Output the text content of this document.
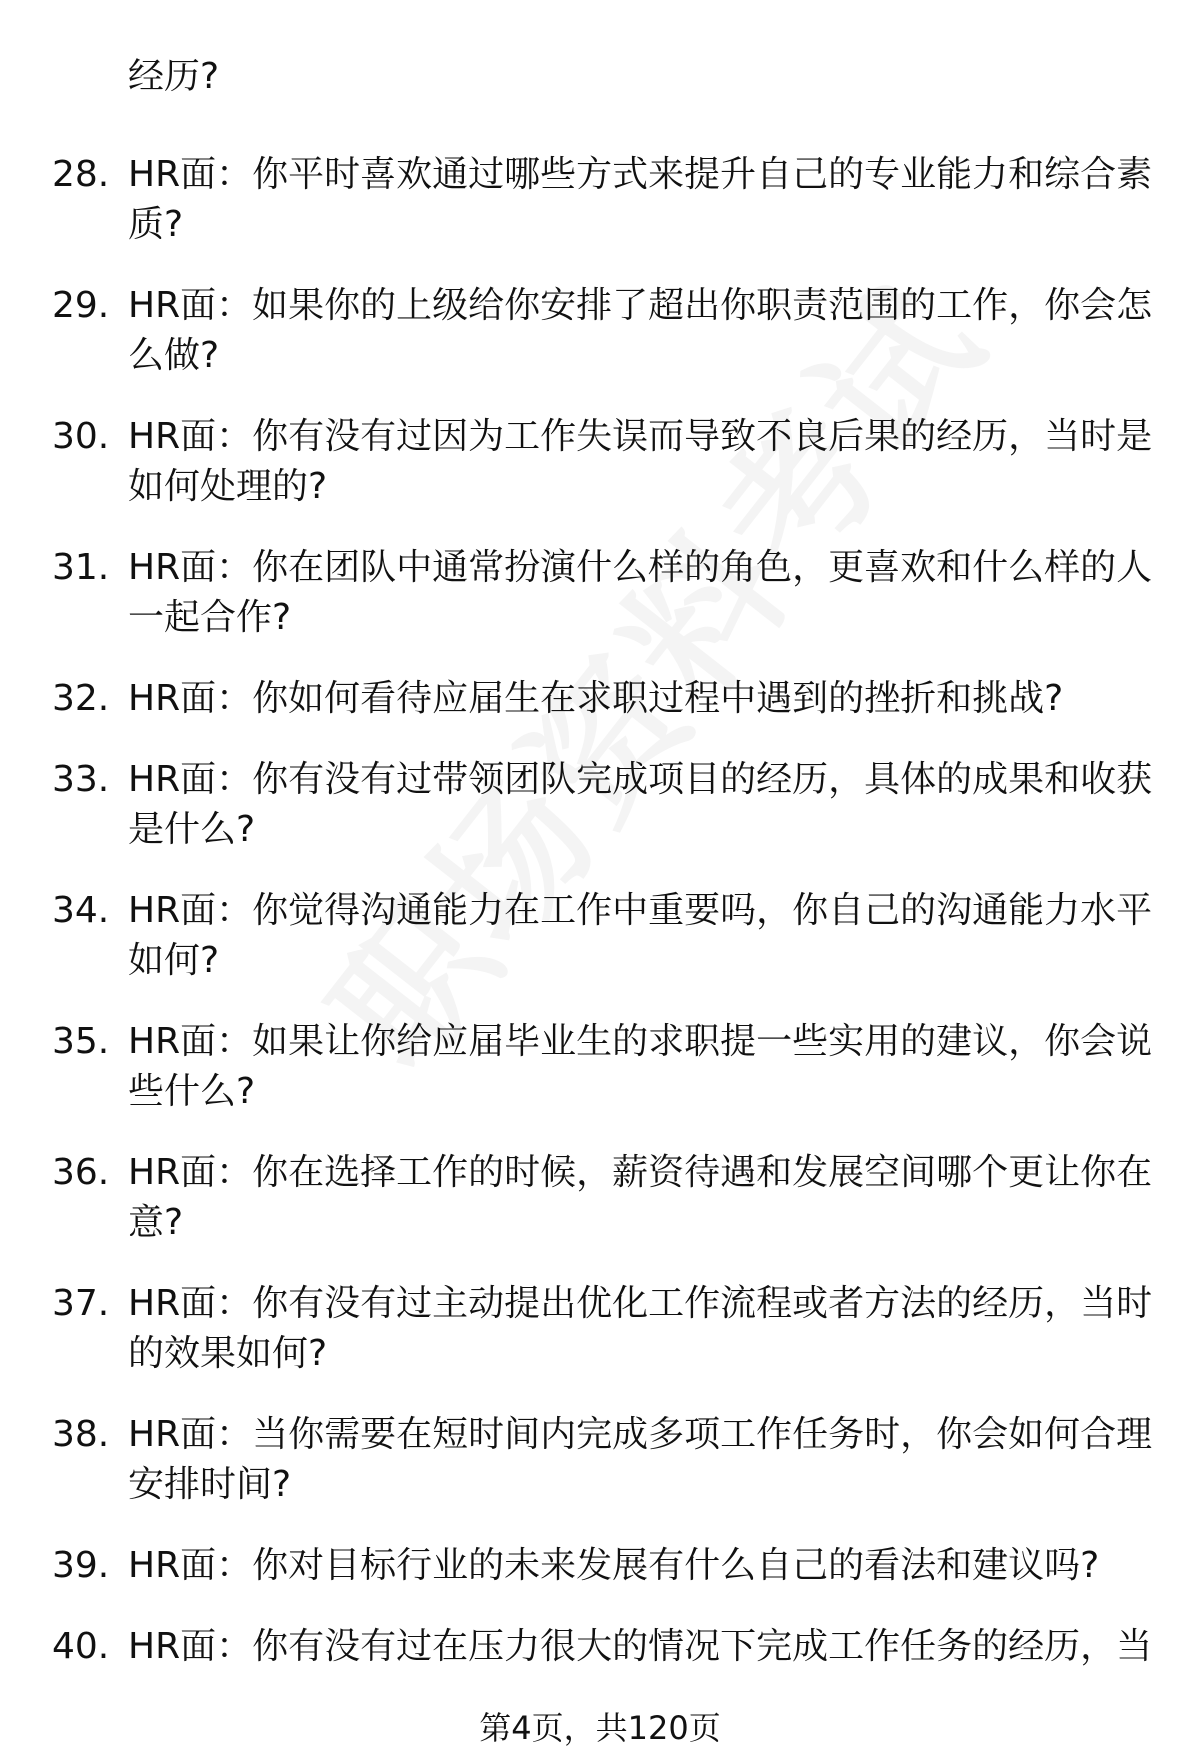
经历?
28. HR面：你平时喜欢通过哪些方式来提升自己的专业能力和综合素
质?
29. HR面：如果你的上级给你安排了超出你职责范围的工作，你会怎
么做?
30. HR面：你有没有过因为工作失误而导致不良后果的经历，当时是
如何处理的?
31. HR面：你在团队中通常扮演什么样的角色，更喜欢和什么样的人
一起合作?
32. HR面：你如何看待应届生在求职过程中遇到的挫折和挑战?
33. HR面：你有没有过带领团队完成项目的经历，具体的成果和收获
是什么?
34. HR面：你觉得沟通能力在工作中重要吗，你自己的沟通能力水平
如何?
35. HR面：如果让你给应届毕业生的求职提一些实用的建议，你会说
些什么?
36. HR面：你在选择工作的时候，薪资待遇和发展空间哪个更让你在
意?
37. HR面：你有没有过主动提出优化工作流程或者方法的经历，当时
的效果如何?
38. HR面：当你需要在短时间内完成多项工作任务时，你会如何合理
安排时间?
39. HR面：你对目标行业的未来发展有什么自己的看法和建议吗?
40. HR面：你有没有过在压力很大的情况下完成工作任务的经历，当
第4页，共120页
